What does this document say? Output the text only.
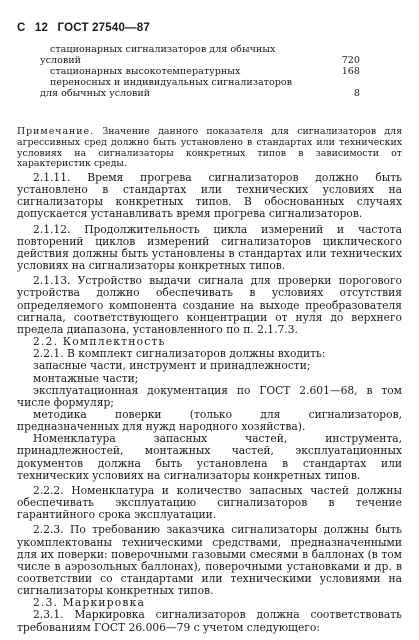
С 12 ГОСТ 27540—87
стационарных сигнализаторов для обычных
условий	720
стационарных высокотемпературных	168
переносных и индивидуальных сигнализаторов
для обычных условий	8
Примечание. Значение данного показателя для сигнализаторов для агрессивных сред должно быть установлено в стандартах или технических условиях на сигнализаторы конкретных типов в зависимости от характеристик среды.

2.1.11. Время прогрева сигнализаторов должно быть установлено в стандартах или технических условиях на сигнализаторы конкретных типов. В обоснованных случаях допускается устанавливать время прогрева сигнализаторов.

2.1.12. Продолжительность цикла измерений и частота повторений циклов измерений сигнализаторов циклического действия должны быть установлены в стандартах или технических условиях на сигнализаторы конкретных типов.

2.1.13. Устройство выдачи сигнала для проверки порогового устройства должно обеспечивать в условиях отсутствия определяемого компонента создание на выходе преобразователя сигнала, соответствующего концентрации от нуля до верхнего предела диапазона, установленного по п. 2.1.7.3.

2.2. Комплектность

2.2.1. В комплект сигнализаторов должны входить:

запасные части, инструмент и принадлежности;

монтажные части;

эксплуатационная документация по ГОСТ 2.601—68, в том числе формуляр;

методика поверки (только для сигнализаторов, предназначенных для нужд народного хозяйства).

Номенклатура запасных частей, инструмента, принадлежностей, монтажных частей, эксплуатационных документов должна быть установлена в стандартах или технических условиях на сигнализаторы конкретных типов.

2.2.2. Номенклатура и количество запасных частей должны обеспечивать эксплуатацию сигнализаторов в течение гарантийного срока эксплуатации.

2.2.3. По требованию заказчика сигнализаторы должны быть укомплектованы техническими средствами, предназначенными для их поверки: поверочными газовыми смесями в баллонах (в том числе в аэрозольных баллонах), поверочными установками и др. в соответствии со стандартами или техническими условиями на сигнализаторы конкретных типов.

2.3. Маркировка

2.3.1. Маркировка сигнализаторов должна соответствовать требованиям ГОСТ 26.006—79 с учетом следующего:
